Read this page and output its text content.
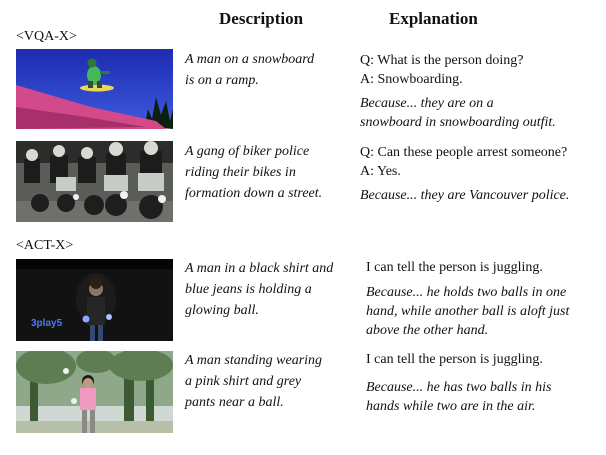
Description	Explanation
<VQA-X>
A man on a snowboard
is on a ramp.
Q: What is the person doing?
A: Snowboarding.
Because... they are on a
snowboard in snowboarding outfit.
A gang of biker police
riding their bikes in
formation down a street.
Q: Can these people arrest someone?
A: Yes.
Because... they are Vancouver police.
<ACT-X>
3play5
A man in a black shirt and
blue jeans is holding a
glowing ball.
I can tell the person is juggling.
Because... he holds two balls in one
hand, while another ball is aloft just
above the other hand.
A man standing wearing
a pink shirt and grey
pants near a ball.
I can tell the person is juggling.
Because... he has two balls in his
hands while two are in the air.
